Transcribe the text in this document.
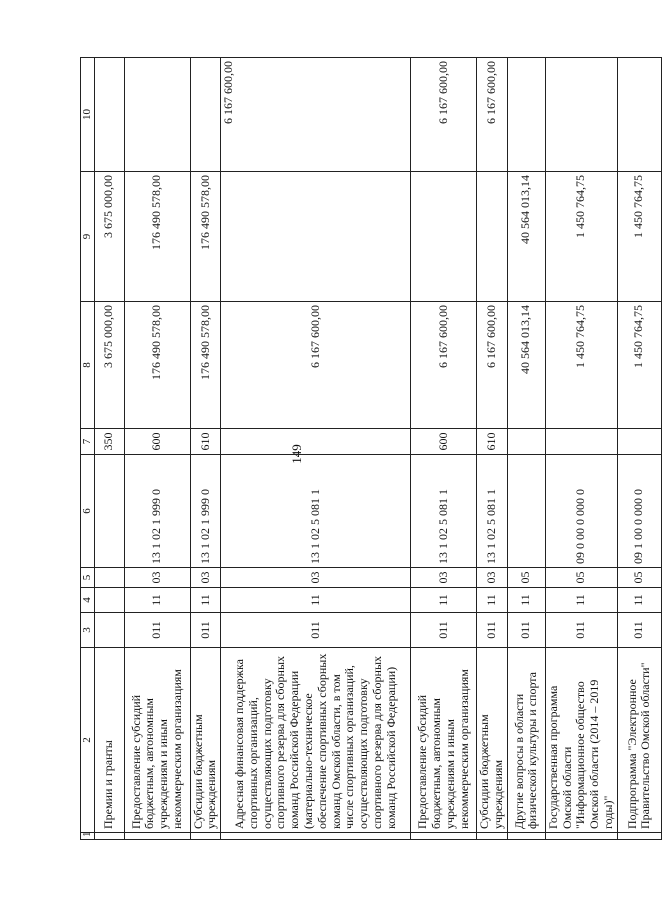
149
1	2	3	4	5	6	7	8	9	10
	Премии и гранты					350	3 675 000,00	3 675 000,00	
	Предоставление субсидий бюджетным, автономным учреждениям и иным некоммерческим организациям	011	11	03	13 1 02 1 999 0	600	176 490 578,00	176 490 578,00	
	Субсидии бюджетным учреждениям	011	11	03	13 1 02 1 999 0	610	176 490 578,00	176 490 578,00	
	Адресная финансовая поддержка спортивных организаций, осуществляющих подготовку спортивного резерва для сборных команд Российской Федерации (материально-техническое обеспечение спортивных сборных команд Омской области, в том числе спортивных организаций, осуществляющих подготовку спортивного резерва для сборных команд Российской Федерации)	011	11	03	13 1 02 5 081 1		6 167 600,00		6 167 600,00
	Предоставление субсидий бюджетным, автономным учреждениям и иным некоммерческим организациям	011	11	03	13 1 02 5 081 1	600	6 167 600,00		6 167 600,00
	Субсидии бюджетным учреждениям	011	11	03	13 1 02 5 081 1	610	6 167 600,00		6 167 600,00
	Другие вопросы в области физической культуры и спорта	011	11	05			40 564 013,14	40 564 013,14	
	Государственная программа Омской области "Информационное общество Омской области (2014 – 2019 годы)"	011	11	05	09 0 00 0 000 0		1 450 764,75	1 450 764,75	
	Подпрограмма "Электронное Правительство Омской области"	011	11	05	09 1 00 0 000 0		1 450 764,75	1 450 764,75	
